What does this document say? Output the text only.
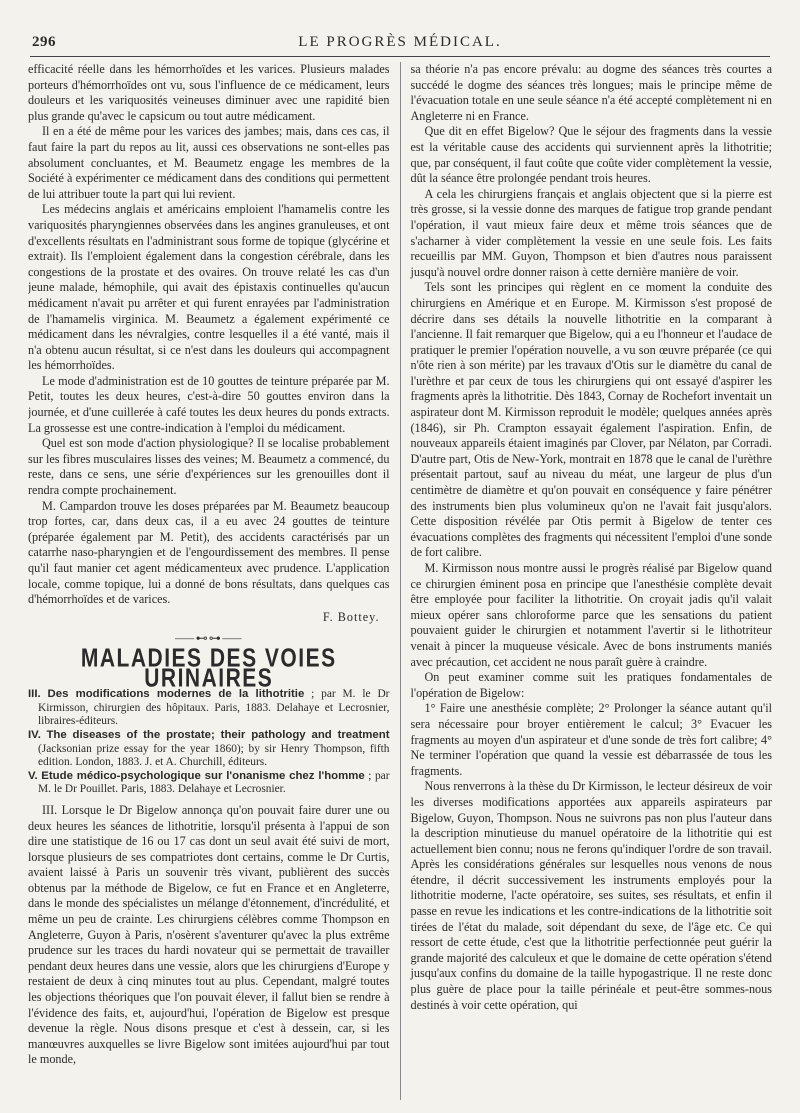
296	LE PROGRÈS MÉDICAL.

efficacité réelle dans les hémorrhoïdes et les varices. Plusieurs malades porteurs d'hémorrhoïdes ont vu, sous l'influence de ce médicament, leurs douleurs et les variquosités veineuses diminuer avec une rapidité bien plus grande qu'avec le capsicum ou tout autre médicament.

Il en a été de même pour les varices des jambes; mais, dans ces cas, il faut faire la part du repos au lit, aussi ces observations ne sont-elles pas absolument concluantes, et M. Beaumetz engage les membres de la Société à expérimenter ce médicament dans des conditions qui permettent de lui attribuer toute la part qui lui revient.

Les médecins anglais et américains emploient l'hamamelis contre les variquosités pharyngiennes observées dans les angines granuleuses, et ont d'excellents résultats en l'administrant sous forme de topique (glycérine et extrait). Ils l'emploient également dans la congestion cérébrale, dans les congestions de la prostate et des ovaires. On trouve relaté les cas d'un jeune malade, hémophile, qui avait des épistaxis continuelles qu'aucun médicament n'avait pu arrêter et qui furent enrayées par l'administration de l'hamamelis virginica. M. Beaumetz a également expérimenté ce médicament dans les névralgies, contre lesquelles il a été vanté, mais il n'a obtenu aucun résultat, si ce n'est dans les douleurs qui accompagnent les hémorrhoïdes.

Le mode d'administration est de 10 gouttes de teinture préparée par M. Petit, toutes les deux heures, c'est-à-dire 50 gouttes environ dans la journée, et d'une cuillerée à café toutes les deux heures du ponds extracts. La grossesse est une contre-indication à l'emploi du médicament.

Quel est son mode d'action physiologique? Il se localise probablement sur les fibres musculaires lisses des veines; M. Beaumetz a commencé, du reste, dans ce sens, une série d'expériences sur les grenouilles dont il rendra compte prochainement.

M. Campardon trouve les doses préparées par M. Beaumetz beaucoup trop fortes, car, dans deux cas, il a eu avec 24 gouttes de teinture (préparée également par M. Petit), des accidents caractérisés par un catarrhe naso-pharyngien et de l'engourdissement des membres. Il pense qu'il faut manier cet agent médicamenteux avec prudence. L'application locale, comme topique, lui a donné de bons résultats, dans quelques cas d'hémorrhoïdes et de varices.

F. Bottey.
⸺⊷⊶⸺
MALADIES DES VOIES URINAIRES

III. Des modifications modernes de la lithotritie ; par M. le Dr Kirmisson, chirurgien des hôpitaux. Paris, 1883. Delahaye et Lecrosnier, libraires-éditeurs.

IV. The diseases of the prostate; their pathology and treatment (Jacksonian prize essay for the year 1860); by sir Henry Thompson, fifth edition. London, 1883. J. et A. Churchill, éditeurs.

V. Etude médico-psychologique sur l'onanisme chez l'homme ; par M. le Dr Pouillet. Paris, 1883. Delahaye et Lecrosnier.

III. Lorsque le Dr Bigelow annonça qu'on pouvait faire durer une ou deux heures les séances de lithotritie, lorsqu'il présenta à l'appui de son dire une statistique de 16 ou 17 cas dont un seul avait été suivi de mort, lorsque plusieurs de ses compatriotes dont certains, comme le Dr Curtis, avaient laissé à Paris un souvenir très vivant, publièrent des succès obtenus par la méthode de Bigelow, ce fut en France et en Angleterre, dans le monde des spécialistes un mélange d'étonnement, d'incrédulité, et même un peu de crainte. Les chirurgiens célèbres comme Thompson en Angleterre, Guyon à Paris, n'osèrent s'aventurer qu'avec la plus extrême prudence sur les traces du hardi novateur qui se permettait de travailler pendant deux heures dans une vessie, alors que les chirurgiens d'Europe y restaient de deux à cinq minutes tout au plus. Cependant, malgré toutes les objections théoriques que l'on pouvait élever, il fallut bien se rendre à l'évidence des faits, et, aujourd'hui, l'opération de Bigelow est presque devenue la règle. Nous disons presque et c'est à dessein, car, si les manœuvres auxquelles se livre Bigelow sont imitées aujourd'hui par tout le monde,

sa théorie n'a pas encore prévalu: au dogme des séances très courtes a succédé le dogme des séances très longues; mais le principe même de l'évacuation totale en une seule séance n'a été accepté complètement ni en Angleterre ni en France.

Que dit en effet Bigelow? Que le séjour des fragments dans la vessie est la véritable cause des accidents qui surviennent après la lithotritie; que, par conséquent, il faut coûte que coûte vider complètement la vessie, dût la séance être prolongée pendant trois heures.

A cela les chirurgiens français et anglais objectent que si la pierre est très grosse, si la vessie donne des marques de fatigue trop grande pendant l'opération, il vaut mieux faire deux et même trois séances que de s'acharner à vider complètement la vessie en une seule fois. Les faits recueillis par MM. Guyon, Thompson et bien d'autres nous paraissent jusqu'à nouvel ordre donner raison à cette dernière manière de voir.

Tels sont les principes qui règlent en ce moment la conduite des chirurgiens en Amérique et en Europe. M. Kirmisson s'est proposé de décrire dans ses détails la nouvelle lithotritie en la comparant à l'ancienne. Il fait remarquer que Bigelow, qui a eu l'honneur et l'audace de pratiquer le premier l'opération nouvelle, a vu son œuvre préparée (ce qui n'ôte rien à son mérite) par les travaux d'Otis sur le diamètre du canal de l'urèthre et par ceux de tous les chirurgiens qui ont essayé d'aspirer les fragments après la lithotritie. Dès 1843, Cornay de Rochefort inventait un aspirateur dont M. Kirmisson reproduit le modèle; quelques années après (1846), sir Ph. Crampton essayait également l'aspiration. Enfin, de nouveaux appareils étaient imaginés par Clover, par Nélaton, par Corradi. D'autre part, Otis de New-York, montrait en 1878 que le canal de l'urèthre présentait partout, sauf au niveau du méat, une largeur de plus d'un centimètre de diamètre et qu'on pouvait en conséquence y faire pénétrer des instruments bien plus volumineux qu'on ne l'avait fait jusqu'alors. Cette disposition révélée par Otis permit à Bigelow de tenter ces évacuations complètes des fragments qui nécessitent l'emploi d'une sonde de fort calibre.

M. Kirmisson nous montre aussi le progrès réalisé par Bigelow quand ce chirurgien éminent posa en principe que l'anesthésie complète devait être employée pour faciliter la lithotritie. On croyait jadis qu'il valait mieux opérer sans chloroforme parce que les sensations du patient pouvaient guider le chirurgien et notamment l'avertir si le lithotriteur venait à pincer la muqueuse vésicale. Avec de bons instruments maniés avec précaution, cet accident ne nous paraît guère à craindre.

On peut examiner comme suit les pratiques fondamentales de l'opération de Bigelow:

1° Faire une anesthésie complète; 2° Prolonger la séance autant qu'il sera nécessaire pour broyer entièrement le calcul; 3° Evacuer les fragments au moyen d'un aspirateur et d'une sonde de très fort calibre; 4° Ne terminer l'opération que quand la vessie est débarrassée de tous les fragments.

Nous renverrons à la thèse du Dr Kirmisson, le lecteur désireux de voir les diverses modifications apportées aux appareils aspirateurs par Bigelow, Guyon, Thompson. Nous ne suivrons pas non plus l'auteur dans la description minutieuse du manuel opératoire de la lithotritie qui est actuellement bien connu; nous ne ferons qu'indiquer l'ordre de son travail. Après les considérations générales sur lesquelles nous venons de nous étendre, il décrit successivement les instruments employés pour la lithotritie moderne, l'acte opératoire, ses suites, ses résultats, et enfin il passe en revue les indications et les contre-indications de la lithotritie soit tirées de l'état du malade, soit dépendant du sexe, de l'âge etc. Ce qui ressort de cette étude, c'est que la lithotritie perfectionnée peut guérir la grande majorité des calculeux et que le domaine de cette opération s'étend jusqu'aux confins du domaine de la taille hypogastrique. Il ne reste donc plus guère de place pour la taille périnéale et peut-être sommes-nous destinés à voir cette opération, qui
